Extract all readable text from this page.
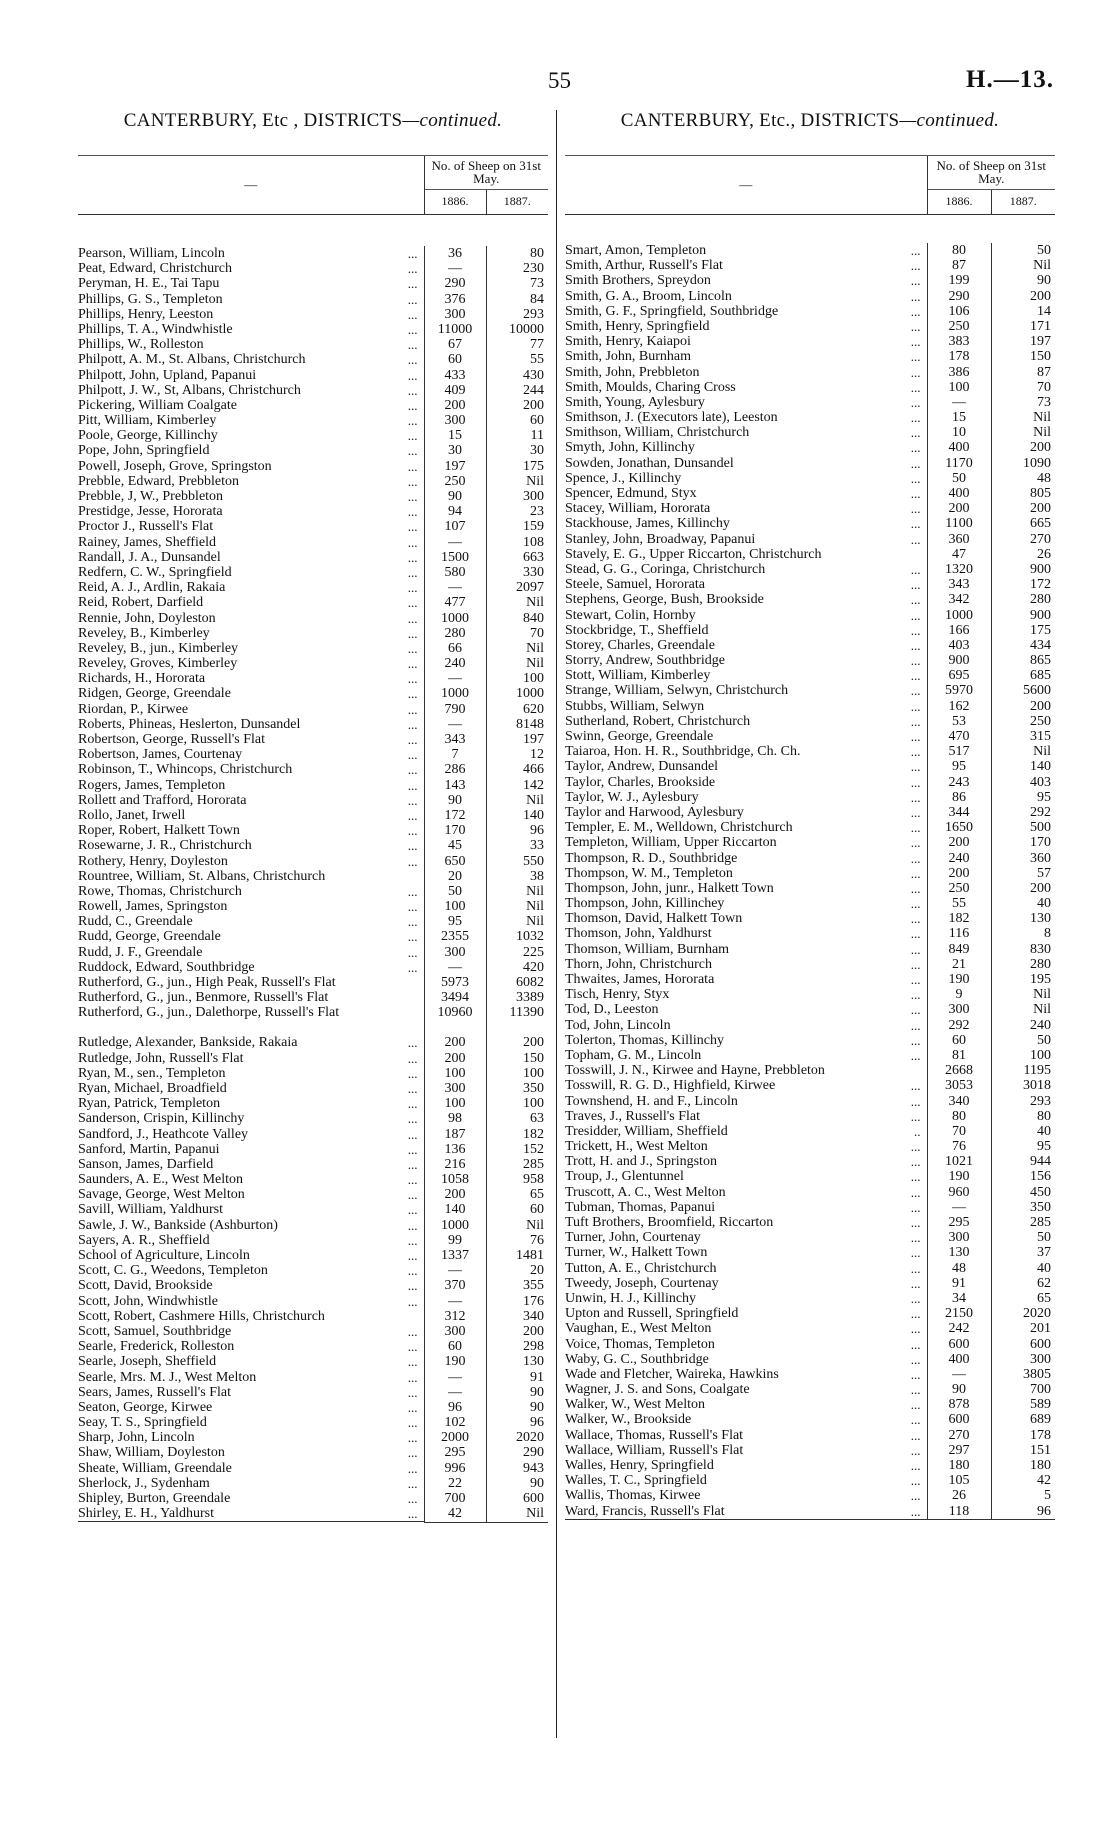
55	H.—13.
CANTERBURY, Etc , DISTRICTS—continued.
—	No. of Sheep on 31st May.	
	1886.	1887.
Pearson, William, Lincoln	...	36	80

Peat, Edward, Christchurch	...	—	230

Peryman, H. E., Tai Tapu	...	290	73

Phillips, G. S., Templeton	...	376	84

Phillips, Henry, Leeston	...	300	293

Phillips, T. A., Windwhistle	...	11000	10000

Phillips, W., Rolleston	...	67	77

Philpott, A. M., St. Albans, Christchurch	...	60	55

Philpott, John, Upland, Papanui	...	433	430

Philpott, J. W., St, Albans, Christchurch	...	409	244

Pickering, William Coalgate	...	200	200

Pitt, William, Kimberley	...	300	60

Poole, George, Killinchy	...	15	11

Pope, John, Springfield	...	30	30

Powell, Joseph, Grove, Springston	...	197	175

Prebble, Edward, Prebbleton	...	250	Nil

Prebble, J, W., Prebbleton	...	90	300

Prestidge, Jesse, Hororata	...	94	23

Proctor J., Russell's Flat	...	107	159

Rainey, James, Sheffield	...	—	108

Randall, J. A., Dunsandel	...	1500	663

Redfern, C. W., Springfield	...	580	330

Reid, A. J., Ardlin, Rakaia	...	—	2097

Reid, Robert, Darfield	...	477	Nil

Rennie, John, Doyleston	...	1000	840

Reveley, B., Kimberley	...	280	70

Reveley, B., jun., Kimberley	...	66	Nil

Reveley, Groves, Kimberley	...	240	Nil

Richards, H., Hororata	...	—	100

Ridgen, George, Greendale	...	1000	1000

Riordan, P., Kirwee	...	790	620

Roberts, Phineas, Heslerton, Dunsandel	...	—	8148

Robertson, George, Russell's Flat	...	343	197

Robertson, James, Courtenay	...	7	12

Robinson, T., Whincops, Christchurch	...	286	466

Rogers, James, Templeton	...	143	142

Rollett and Trafford, Hororata	...	90	Nil

Rollo, Janet, Irwell	...	172	140

Roper, Robert, Halkett Town	...	170	96

Rosewarne, J. R., Christchurch	...	45	33

Rothery, Henry, Doyleston	...	650	550

Rountree, William, St. Albans, Christchurch	20	38

Rowe, Thomas, Christchurch	...	50	Nil

Rowell, James, Springston	...	100	Nil

Rudd, C., Greendale	...	95	Nil

Rudd, George, Greendale	...	2355	1032

Rudd, J. F., Greendale	...	300	225

Ruddock, Edward, Southbridge	...	—	420

Rutherford, G., jun., High Peak, Russell's Flat	5973	6082

Rutherford, G., jun., Benmore, Russell's Flat	3494	3389

Rutherford, G., jun., Dalethorpe, Russell's Flat	10960	11390

Rutledge, Alexander, Bankside, Rakaia	...	200	200

Rutledge, John, Russell's Flat	...	200	150

Ryan, M., sen., Templeton	...	100	100

Ryan, Michael, Broadfield	...	300	350

Ryan, Patrick, Templeton	...	100	100

Sanderson, Crispin, Killinchy	...	98	63

Sandford, J., Heathcote Valley	...	187	182

Sanford, Martin, Papanui	...	136	152

Sanson, James, Darfield	...	216	285

Saunders, A. E., West Melton	...	1058	958

Savage, George, West Melton	...	200	65

Savill, William, Yaldhurst	...	140	60

Sawle, J. W., Bankside (Ashburton)	...	1000	Nil

Sayers, A. R., Sheffield	...	99	76

School of Agriculture, Lincoln	...	1337	1481

Scott, C. G., Weedons, Templeton	...	—	20

Scott, David, Brookside	...	370	355

Scott, John, Windwhistle	...	—	176

Scott, Robert, Cashmere Hills, Christchurch	312	340

Scott, Samuel, Southbridge	...	300	200

Searle, Frederick, Rolleston	...	60	298

Searle, Joseph, Sheffield	...	190	130

Searle, Mrs. M. J., West Melton	...	—	91

Sears, James, Russell's Flat	...	—	90

Seaton, George, Kirwee	...	96	90

Seay, T. S., Springfield	...	102	96

Sharp, John, Lincoln	...	2000	2020

Shaw, William, Doyleston	...	295	290

Sheate, William, Greendale	...	996	943

Sherlock, J., Sydenham	...	22	90

Shipley, Burton, Greendale	...	700	600

Shirley, E. H., Yaldhurst	...	42	Nil
CANTERBURY, Etc., DISTRICTS—continued.
—	No. of Sheep on 31st May.	
	1886.	1887.
Smart, Amon, Templeton	...	80	50
Smith, Arthur, Russell's Flat	...	87	Nil
Smith Brothers, Spreydon	...	199	90
Smith, G. A., Broom, Lincoln	...	290	200
Smith, G. F., Springfield, Southbridge	...	106	14
Smith, Henry, Springfield	...	250	171
Smith, Henry, Kaiapoi	...	383	197
Smith, John, Burnham	...	178	150
Smith, John, Prebbleton	...	386	87
Smith, Moulds, Charing Cross	...	100	70
Smith, Young, Aylesbury	...	—	73
Smithson, J. (Executors late), Leeston	...	15	Nil
Smithson, William, Christchurch	...	10	Nil
Smyth, John, Killinchy	...	400	200
Sowden, Jonathan, Dunsandel	...	1170	1090
Spence, J., Killinchy	...	50	48
Spencer, Edmund, Styx	...	400	805
Stacey, William, Hororata	...	200	200
Stackhouse, James, Killinchy	...	1100	665
Stanley, John, Broadway, Papanui	...	360	270
Stavely, E. G., Upper Riccarton, Christchurch		47	26
Stead, G. G., Coringa, Christchurch	...	1320	900
Steele, Samuel, Hororata	...	343	172
Stephens, George, Bush, Brookside	...	342	280
Stewart, Colin, Hornby	...	1000	900
Stockbridge, T., Sheffield	...	166	175
Storey, Charles, Greendale	...	403	434
Storry, Andrew, Southbridge	...	900	865
Stott, William, Kimberley	...	695	685
Strange, William, Selwyn, Christchurch	...	5970	5600
Stubbs, William, Selwyn	...	162	200
Sutherland, Robert, Christchurch	...	53	250
Swinn, George, Greendale	...	470	315
Taiaroa, Hon. H. R., Southbridge, Ch. Ch.	...	517	Nil
Taylor, Andrew, Dunsandel	...	95	140
Taylor, Charles, Brookside	...	243	403
Taylor, W. J., Aylesbury	...	86	95
Taylor and Harwood, Aylesbury	...	344	292
Templer, E. M., Welldown, Christchurch	...	1650	500
Templeton, William, Upper Riccarton	...	200	170
Thompson, R. D., Southbridge	...	240	360
Thompson, W. M., Templeton	...	200	57
Thompson, John, junr., Halkett Town	...	250	200
Thompson, John, Killinchey	...	55	40
Thomson, David, Halkett Town	...	182	130
Thomson, John, Yaldhurst	...	116	8
Thomson, William, Burnham	...	849	830
Thorn, John, Christchurch	...	21	280
Thwaites, James, Hororata	...	190	195
Tisch, Henry, Styx	...	9	Nil
Tod, D., Leeston	...	300	Nil
Tod, John, Lincoln	...	292	240
Tolerton, Thomas, Killinchy	...	60	50
Topham, G. M., Lincoln	...	81	100
Tosswill, J. N., Kirwee and Hayne, Prebbleton		2668	1195
Tosswill, R. G. D., Highfield, Kirwee	...	3053	3018
Townshend, H. and F., Lincoln	...	340	293
Traves, J., Russell's Flat	...	80	80
Tresidder, William, Sheffield	..	70	40
Trickett, H., West Melton	...	76	95
Trott, H. and J., Springston	...	1021	944
Troup, J., Glentunnel	...	190	156
Truscott, A. C., West Melton	...	960	450
Tubman, Thomas, Papanui	...	—	350
Tuft Brothers, Broomfield, Riccarton	...	295	285
Turner, John, Courtenay	...	300	50
Turner, W., Halkett Town	...	130	37
Tutton, A. E., Christchurch	...	48	40
Tweedy, Joseph, Courtenay	...	91	62
Unwin, H. J., Killinchy	...	34	65
Upton and Russell, Springfield	...	2150	2020
Vaughan, E., West Melton	...	242	201
Voice, Thomas, Templeton	...	600	600
Waby, G. C., Southbridge	...	400	300
Wade and Fletcher, Waireka, Hawkins	...	—	3805
Wagner, J. S. and Sons, Coalgate	...	90	700
Walker, W., West Melton	...	878	589
Walker, W., Brookside	...	600	689
Wallace, Thomas, Russell's Flat	...	270	178
Wallace, William, Russell's Flat	...	297	151
Walles, Henry, Springfield	...	180	180
Walles, T. C., Springfield	...	105	42
Wallis, Thomas, Kirwee	...	26	5
Ward, Francis, Russell's Flat	...	118	96
